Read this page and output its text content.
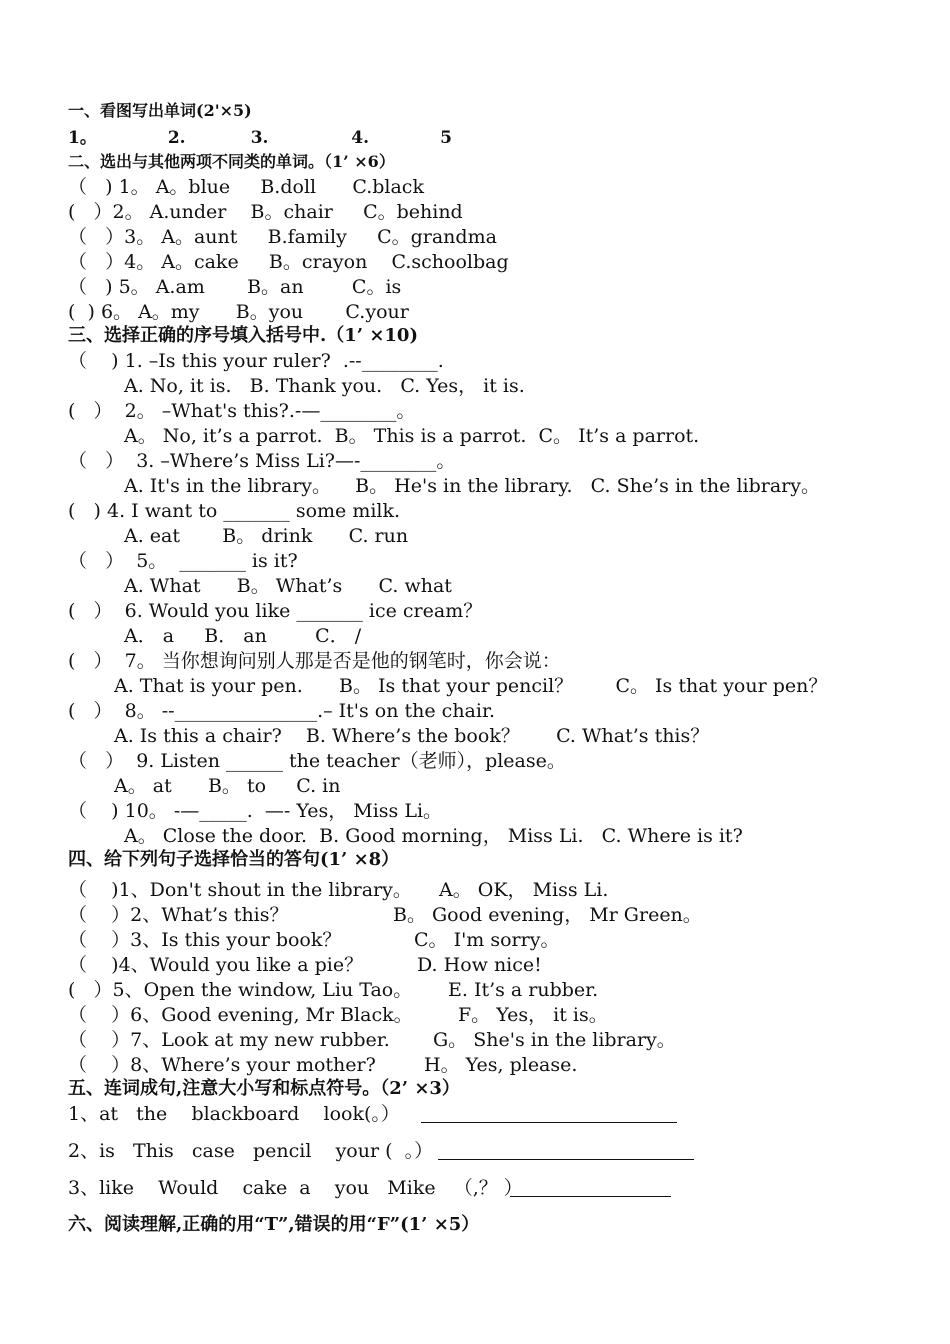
一、看图写出单词(2'×5)
1。            2.           3.              4.            5
二、选出与其他两项不同类的单词。（1’ ×6）
（   ) 1。 A。blue     B.doll      C.black
(   ）2。 A.under    B。chair     C。behind
（   ）3。 A。aunt     B.family     C。grandma
（   ）4。 A。cake     B。crayon    C.schoolbag
（   ) 5。 A.am       B。an        C。is
(  ) 6。 A。my      B。you       C.your
三、选择正确的序号填入括号中.（1’ ×10)
（    ) 1. –Is this your ruler?  .--________.
A. No, it is.   B. Thank you.   C. Yes， it is.
(   ）  2。 –What's this?.-—________。
A。 No, it’s a parrot.  B。 This is a parrot.  C。 It’s a parrot.
（   ）  3. –Where’s Miss Li?—-________。
A. It's in the library。    B。 He's in the library.   C. She’s in the library。
(   ) 4. I want to _______ some milk.
A. eat       B。 drink      C. run
（   ）  5。  _______ is it?
A. What      B。 What’s      C. what
(   ）  6. Would you like _______ ice cream？
A． a     B． an        C． /
(   ）  7。 当你想询问别人那是否是他的钢笔时，你会说：
A. That is your pen.      B。 Is that your pencil？       C。 Is that your pen？
(   ）  8。 --_______________.– It's on the chair.
A. Is this a chair?    B. Where’s the book？      C. What’s this？
（   ）  9. Listen ______ the teacher（老师），please。
A。 at      B。 to     C. in
（    ) 10。 -—_____.  —- Yes， Miss Li。
A。 Close the door.  B. Good morning， Miss Li.   C. Where is it?
四、给下列句子选择恰当的答句(1’ ×8）
（    )1、Don't shout in the library。
（    ）2、What’s this？
（    ）3、Is this your book？
（    )4、Would you like a pie？
(   ）5、Open the window, Liu Tao。
（    ）6、Good evening, Mr Black。
（    ）7、Look at my new rubber.
（    ）8、Where’s your mother?
A。 OK， Miss Li.
B。 Good evening， Mr Green。
C。 I'm sorry。
D. How nice!
E. It’s a rubber.
F。 Yes， it is。
G。 She's in the library。
H。 Yes, please.
五、连词成句,注意大小写和标点符号。（2’ ×3）
1、at   the    blackboard    look(。）
2、is   This   case   pencil    your (  。）
3、like    Would    cake  a    you   Mike   （,？ ）
六、阅读理解,正确的用“T”,错误的用“F”(1’ ×5）
